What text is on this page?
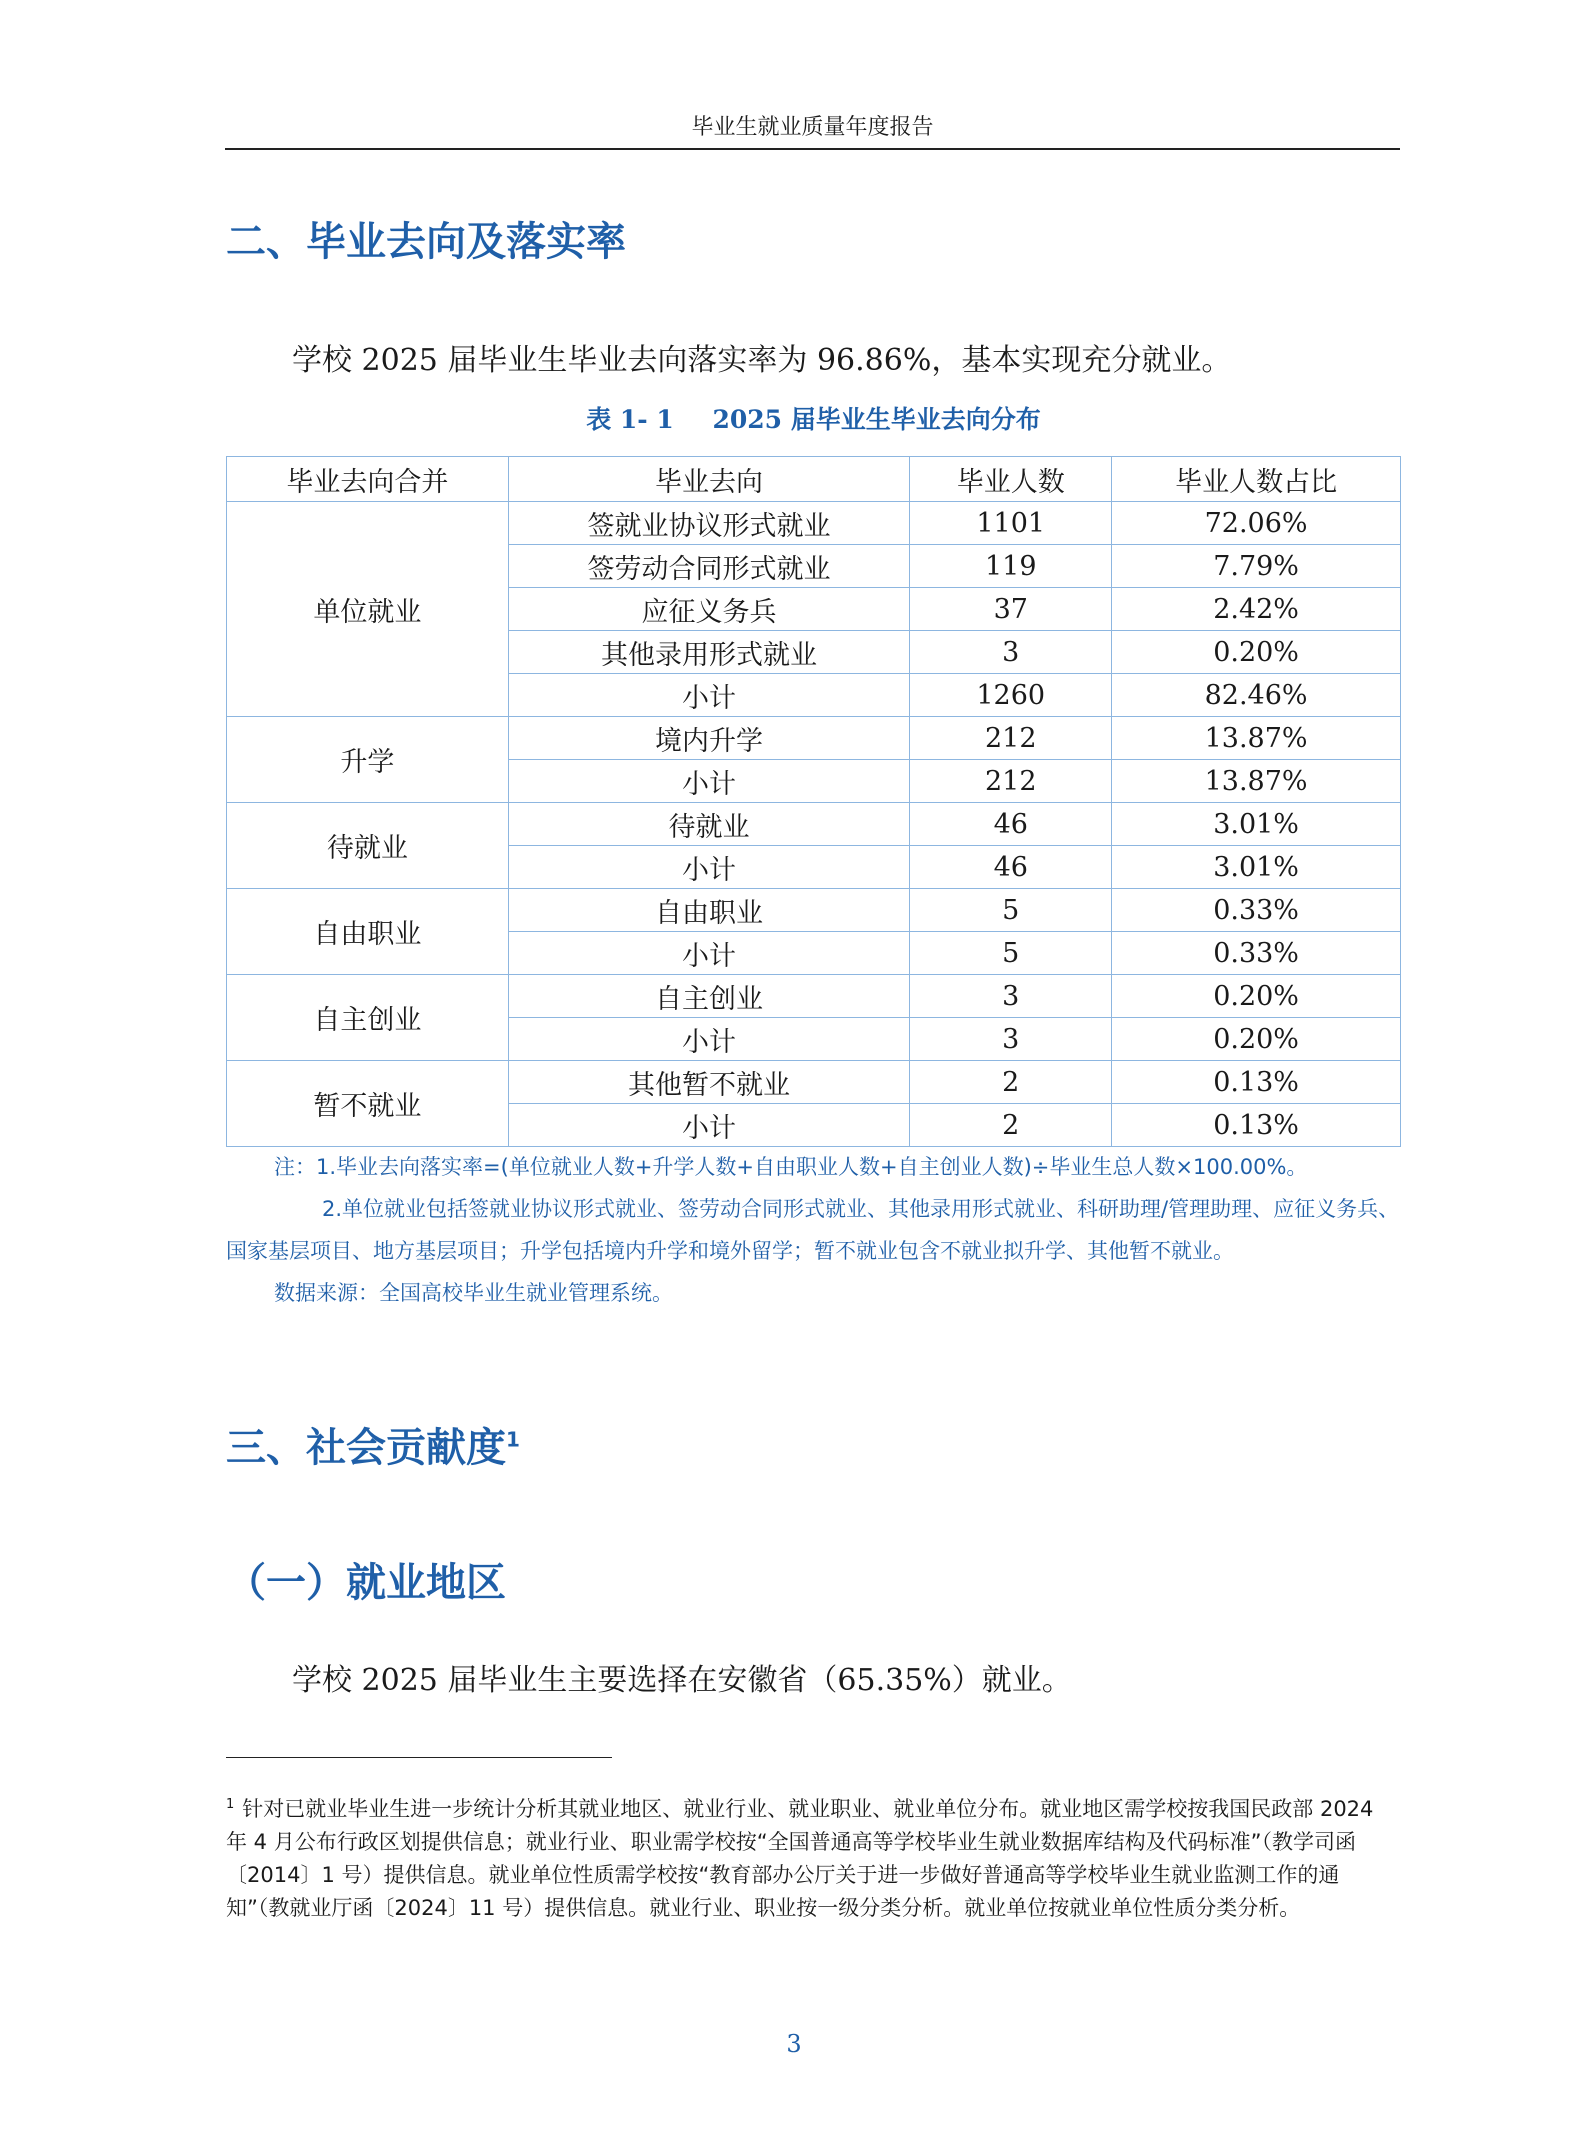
毕业生就业质量年度报告
二、毕业去向及落实率

学校 2025 届毕业生毕业去向落实率为 96.86%，基本实现充分就业。

表 1- 1 2025 届毕业生毕业去向分布
毕业去向合并	毕业去向	毕业人数	毕业人数占比
单位就业	签就业协议形式就业	1101	72.06%
	签劳动合同形式就业	119	7.79%
	应征义务兵	37	2.42%
	其他录用形式就业	3	0.20%
	小计	1260	82.46%
升学	境内升学	212	13.87%
	小计	212	13.87%
待就业	待就业	46	3.01%
	小计	46	3.01%
自由职业	自由职业	5	0.33%
	小计	5	0.33%
自主创业	自主创业	3	0.20%
	小计	3	0.20%
暂不就业	其他暂不就业	2	0.13%
	小计	2	0.13%

注：1.毕业去向落实率=(单位就业人数+升学人数+自由职业人数+自主创业人数)÷毕业生总人数×100.00%。

2.单位就业包括签就业协议形式就业、签劳动合同形式就业、其他录用形式就业、科研助理/管理助理、应征义务兵、国家基层项目、地方基层项目；升学包括境内升学和境外留学；暂不就业包含不就业拟升学、其他暂不就业。

数据来源：全国高校毕业生就业管理系统。

三、社会贡献度$^1$
（一）就业地区

学校 2025 届毕业生主要选择在安徽省（65.35%）就业。

$^1$ 针对已就业毕业生进一步统计分析其就业地区、就业行业、就业职业、就业单位分布。就业地区需学校按我国民政部 2024 年 4 月公布行政区划提供信息；就业行业、职业需学校按“全国普通高等学校毕业生就业数据库结构及代码标准”（教学司函〔2014〕1 号）提供信息。就业单位性质需学校按“教育部办公厅关于进一步做好普通高等学校毕业生就业监测工作的通知”（教就业厅函〔2024〕11 号）提供信息。就业行业、职业按一级分类分析。就业单位按就业单位性质分类分析。

3
